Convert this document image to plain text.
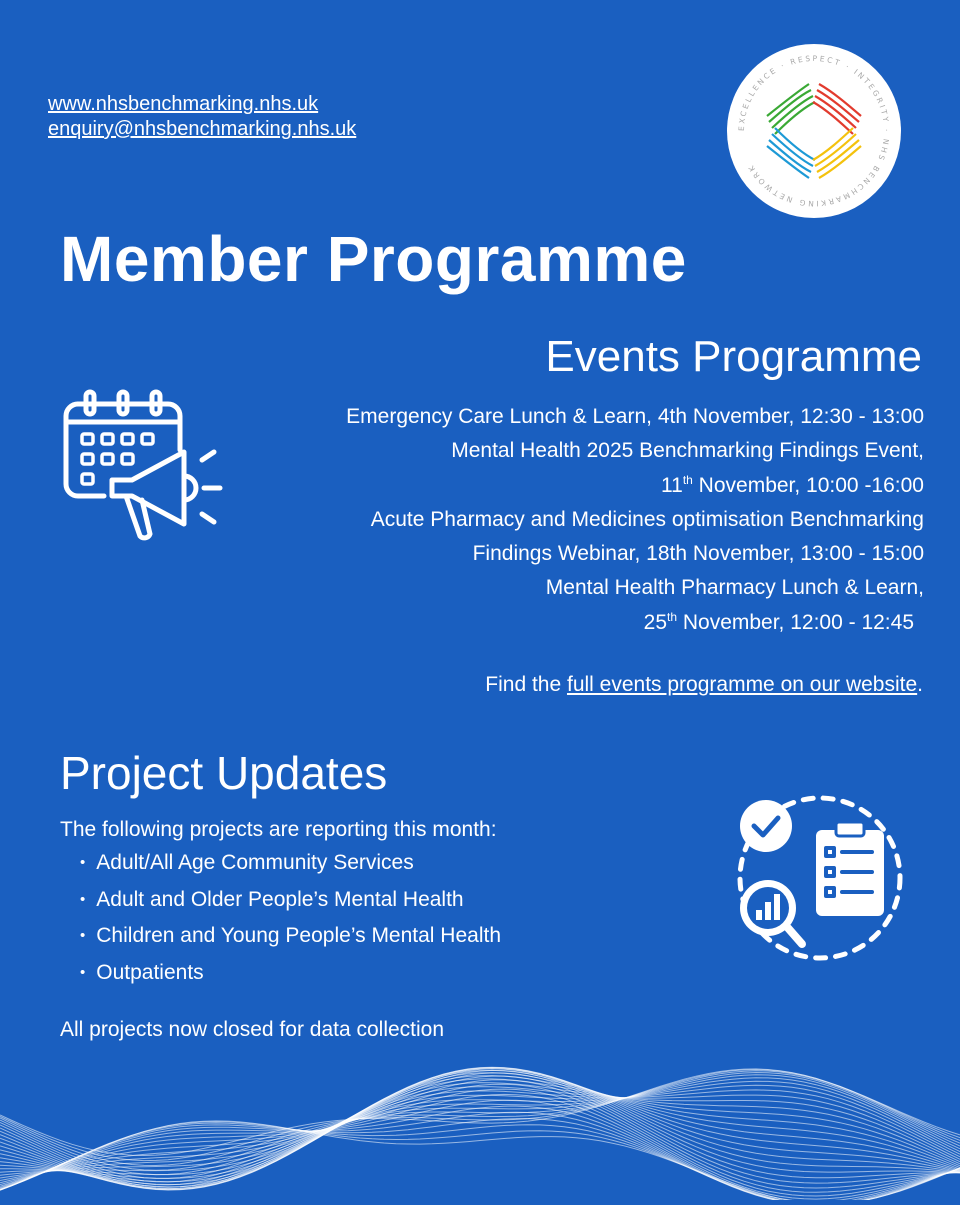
www.nhsbenchmarking.nhs.uk
enquiry@nhsbenchmarking.nhs.uk	EXCELLENCE · RESPECT · INTEGRITY · NHS BENCHMARKING NETWORK
Member Programme
Events Programme
Emergency Care Lunch & Learn, 4th November, 12:30 - 13:00
Mental Health 2025 Benchmarking Findings Event,
11th November, 10:00 -16:00
Acute Pharmacy and Medicines optimisation Benchmarking
Findings Webinar, 18th November, 13:00 - 15:00
Mental Health Pharmacy Lunch & Learn,
25th November, 12:00 - 12:45
Find the full events programme on our website.
Project Updates
The following projects are reporting this month:
• Adult/All Age Community Services
• Adult and Older People’s Mental Health
• Children and Young People’s Mental Health
• Outpatients
All projects now closed for data collection
